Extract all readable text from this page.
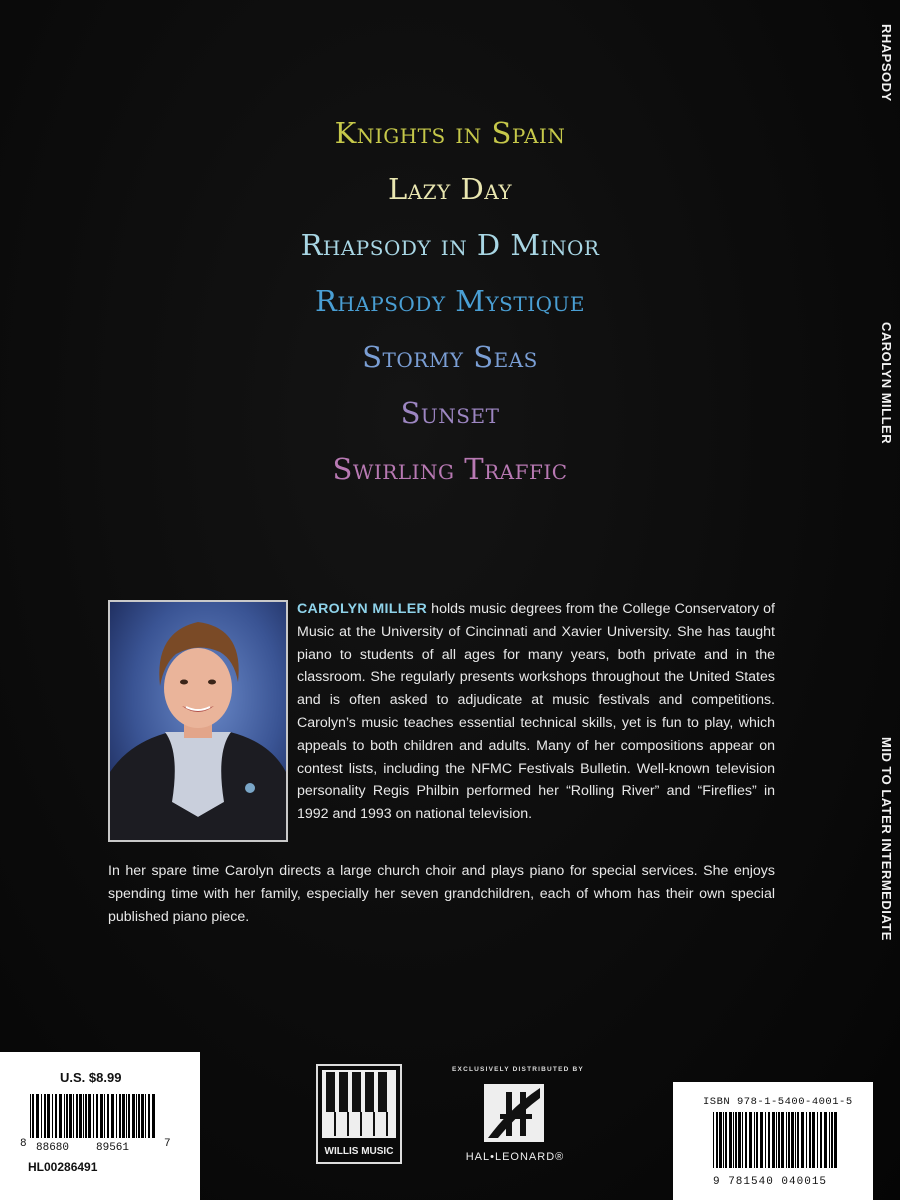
RHAPSODY
CAROLYN MILLER
MID TO LATER INTERMEDIATE
Knights in Spain
Lazy Day
Rhapsody in D Minor
Rhapsody Mystique
Stormy Seas
Sunset
Swirling Traffic
CAROLYN MILLER holds music degrees from the College Conservatory of Music at the University of Cincinnati and Xavier University. She has taught piano to students of all ages for many years, both private and in the classroom. She regularly presents workshops throughout the United States and is often asked to adjudicate at music festivals and competitions. Carolyn’s music teaches essential technical skills, yet is fun to play, which appeals to both children and adults. Many of her compositions appear on contest lists, including the NFMC Festivals Bulletin. Well-known television personality Regis Philbin performed her “Rolling River” and “Fireflies” in 1992 and 1993 on national television.
In her spare time Carolyn directs a large church choir and plays piano for special services. She enjoys spending time with her family, especially her seven grandchildren, each of whom has their own special published piano piece.
U.S. $8.99
8 88680 89561	7
HL00286491
WILLIS MUSIC
EXCLUSIVELY DISTRIBUTED BY
HAL•LEONARD®
ISBN 978-1-5400-4001-5
9 781540 040015
